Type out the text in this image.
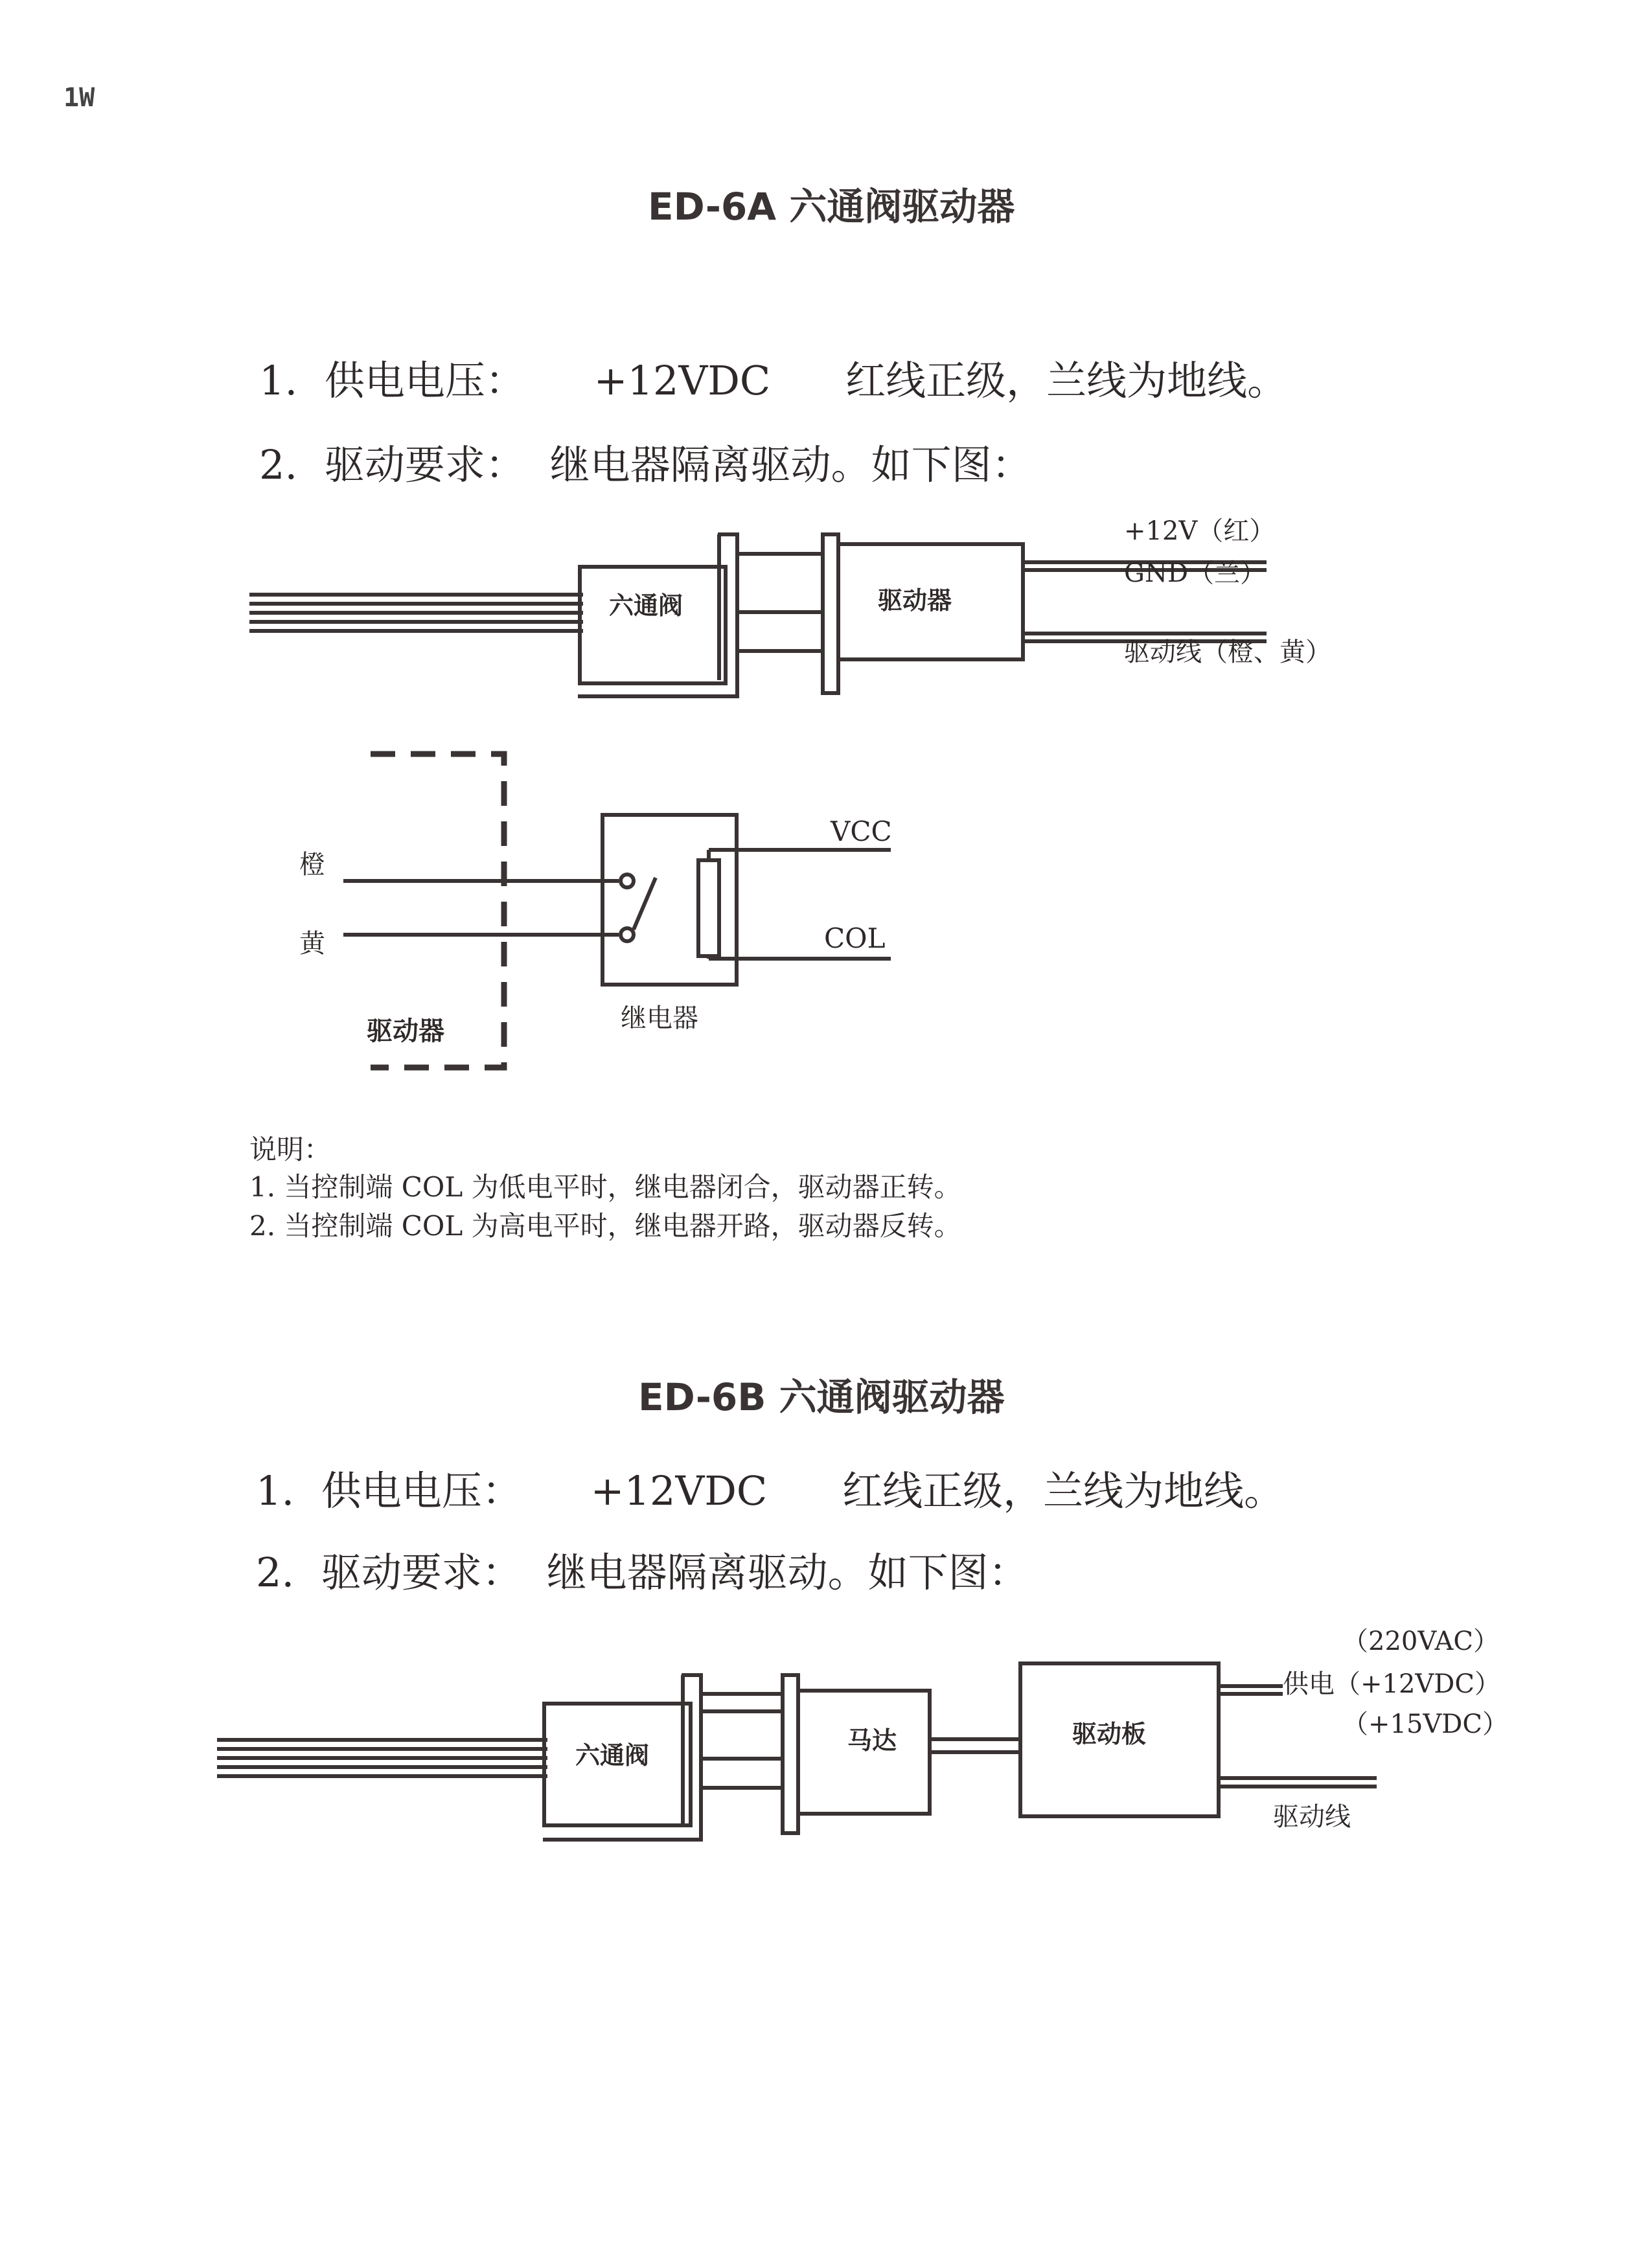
1W
ED-6A 六通阀驱动器
1. 供电电压： +12VDC 红线正级，兰线为地线。
2. 驱动要求： 继电器隔离驱动。如下图：
六通阀	驱动器
+12V（红）
GND（兰）
驱动线（橙、黄）
橙
黄
驱动器	继电器
VCC
COL
说明：
1. 当控制端 COL 为低电平时，继电器闭合，驱动器正转。
2. 当控制端 COL 为高电平时，继电器开路，驱动器反转。
ED-6B 六通阀驱动器
1. 供电电压： +12VDC 红线正级，兰线为地线。
2. 驱动要求： 继电器隔离驱动。如下图：
六通阀
马达	驱动板
（220VAC）
供电（+12VDC）
（+15VDC）
驱动线
